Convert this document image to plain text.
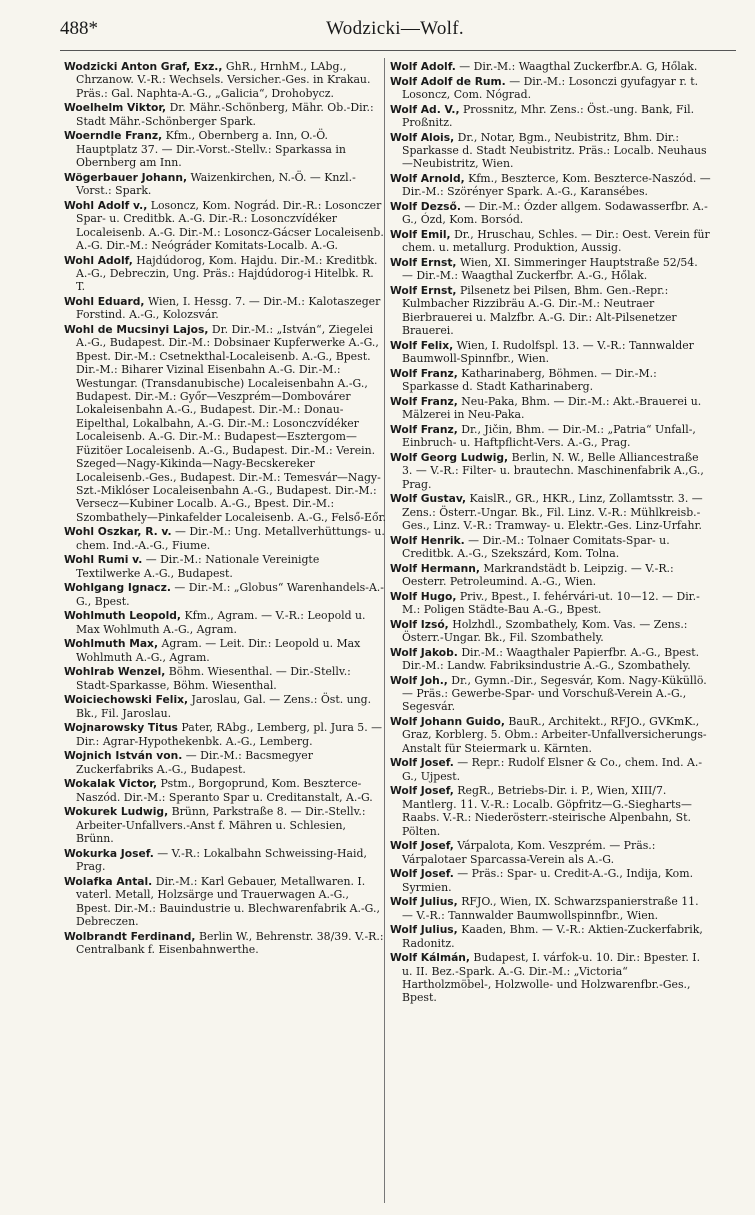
488*	Wodzicki—Wolf.
Wodzicki Anton Graf, Exz., GhR., HrnhM., LAbg., Chrzanow. V.-R.: Wechsels. Versicher.-Ges. in Krakau. Präs.: Gal. Naphta-A.-G., „Galicia“, Drohobycz.
Woelhelm Viktor, Dr. Mähr.-Schönberg, Mähr. Ob.-Dir.: Stadt Mähr.-Schönberger Spark.
Woerndle Franz, Kfm., Obernberg a. Inn, O.-Ö. Hauptplatz 37. — Dir.-Vorst.-Stellv.: Sparkassa in Obernberg am Inn.
Wögerbauer Johann, Waizenkirchen, N.-Ö. — Knzl.-Vorst.: Spark.
Wohl Adolf v., Losoncz, Kom. Nográd. Dir.-R.: Losonczer Spar- u. Creditbk. A.-G. Dir.-R.: Losonczvídéker Localeisenb. A.-G. Dir.-M.: Losoncz-Gácser Localeisenb. A.-G. Dir.-M.: Neógráder Komitats-Localb. A.-G.
Wohl Adolf, Hajdúdorog, Kom. Hajdu. Dir.-M.: Kreditbk. A.-G., Debreczin, Ung. Präs.: Hajdúdorog-i Hitelbk. R. T.
Wohl Eduard, Wien, I. Hessg. 7. — Dir.-M.: Kalotaszeger Forstind. A.-G., Kolozsvár.
Wohl de Mucsinyi Lajos, Dr. Dir.-M.: „István“, Ziegelei A.-G., Budapest. Dir.-M.: Dobsinaer Kupferwerke A.-G., Bpest. Dir.-M.: Csetnekthal-Localeisenb. A.-G., Bpest. Dir.-M.: Biharer Vizinal Eisenbahn A.-G. Dir.-M.: Westungar. (Transdanubische) Localeisenbahn A.-G., Budapest. Dir.-M.: Győr—Veszprém—Dombovárer Lokaleisenbahn A.-G., Budapest. Dir.-M.: Donau-Eipelthal, Lokalbahn, A.-G. Dir.-M.: Losonczvídéker Localeisenb. A.-G. Dir.-M.: Budapest—Esztergom—Füzitöer Localeisenb. A.-G., Budapest. Dir.-M.: Verein. Szeged—Nagy-Kikinda—Nagy-Becskereker Localeisenb.-Ges., Budapest. Dir.-M.: Temesvár—Nagy-Szt.-Miklóser Localeisenbahn A.-G., Budapest. Dir.-M.: Versecz—Kubiner Localb. A.-G., Bpest. Dir.-M.: Szombathely—Pinkafelder Localeisenb. A.-G., Felső-Eőr.
Wohl Oszkar, R. v. — Dir.-M.: Ung. Metallverhüttungs- u. chem. Ind.-A.-G., Fiume.
Wohl Rumi v. — Dir.-M.: Nationale Vereinigte Textilwerke A.-G., Budapest.
Wohlgang Ignacz. — Dir.-M.: „Globus“ Warenhandels-A.-G., Bpest.
Wohlmuth Leopold, Kfm., Agram. — V.-R.: Leopold u. Max Wohlmuth A.-G., Agram.
Wohlmuth Max, Agram. — Leit. Dir.: Leopold u. Max Wohlmuth A.-G., Agram.
Wohlrab Wenzel, Böhm. Wiesenthal. — Dir.-Stellv.: Stadt-Sparkasse, Böhm. Wiesenthal.
Woiciechowski Felix, Jaroslau, Gal. — Zens.: Öst. ung. Bk., Fil. Jaroslau.
Wojnarowsky Titus Pater, RAbg., Lemberg, pl. Jura 5. — Dir.: Agrar-Hypothekenbk. A.-G., Lemberg.
Wojnich István von. — Dir.-M.: Bacsmegyer Zuckerfabriks A.-G., Budapest.
Wokalak Victor, Pstm., Borgoprund, Kom. Beszterce-Naszód. Dir.-M.: Speranto Spar u. Creditanstalt, A.-G.
Wokurek Ludwig, Brünn, Parkstraße 8. — Dir.-Stellv.: Arbeiter-Unfallvers.-Anst f. Mähren u. Schlesien, Brünn.
Wokurka Josef. — V.-R.: Lokalbahn Schweissing-Haid, Prag.
Wolafka Antal. Dir.-M.: Karl Gebauer, Metallwaren. I. vaterl. Metall, Holzsärge und Trauerwagen A.-G., Bpest. Dir.-M.: Bauindustrie u. Blechwarenfabrik A.-G., Debreczen.
Wolbrandt Ferdinand, Berlin W., Behrenstr. 38/39. V.-R.: Centralbank f. Eisenbahnwerthe.
Wolf Adolf. — Dir.-M.: Waagthal Zuckerfbr.A. G, Hőlak.
Wolf Adolf de Rum. — Dir.-M.: Losonczi gyufagyar r. t. Losoncz, Com. Nógrad.
Wolf Ad. V., Prossnitz, Mhr. Zens.: Öst.-ung. Bank, Fil. Proßnitz.
Wolf Alois, Dr., Notar, Bgm., Neubistritz, Bhm. Dir.: Sparkasse d. Stadt Neubistritz. Präs.: Localb. Neuhaus—Neubistritz, Wien.
Wolf Arnold, Kfm., Beszterce, Kom. Beszterce-Naszód. — Dir.-M.: Szörényer Spark. A.-G., Karansébes.
Wolf Dezső. — Dir.-M.: Ózder allgem. Sodawasserfbr. A.-G., Ózd, Kom. Borsód.
Wolf Emil, Dr., Hruschau, Schles. — Dir.: Oest. Verein für chem. u. metallurg. Produktion, Aussig.
Wolf Ernst, Wien, XI. Simmeringer Hauptstraße 52/54. — Dir.-M.: Waagthal Zuckerfbr. A.-G., Hőlak.
Wolf Ernst, Pilsenetz bei Pilsen, Bhm. Gen.-Repr.: Kulmbacher Rizzibräu A.-G. Dir.-M.: Neutraer Bierbrauerei u. Malzfbr. A.-G. Dir.: Alt-Pilsenetzer Brauerei.
Wolf Felix, Wien, I. Rudolfspl. 13. — V.-R.: Tannwalder Baumwoll-Spinnfbr., Wien.
Wolf Franz, Katharinaberg, Böhmen. — Dir.-M.: Sparkasse d. Stadt Katharinaberg.
Wolf Franz, Neu-Paka, Bhm. — Dir.-M.: Akt.-Brauerei u. Mälzerei in Neu-Paka.
Wolf Franz, Dr., Jičin, Bhm. — Dir.-M.: „Patria“ Unfall-, Einbruch- u. Haftpflicht-Vers. A.-G., Prag.
Wolf Georg Ludwig, Berlin, N. W., Belle Alliancestraße 3. — V.-R.: Filter- u. brautechn. Maschinenfabrik A.,G., Prag.
Wolf Gustav, KaislR., GR., HKR., Linz, Zollamtsstr. 3. — Zens.: Österr.-Ungar. Bk., Fil. Linz. V.-R.: Mühlkreisb.-Ges., Linz. V.-R.: Tramway- u. Elektr.-Ges. Linz-Urfahr.
Wolf Henrik. — Dir.-M.: Tolnaer Comitats-Spar- u. Creditbk. A.-G., Szekszárd, Kom. Tolna.
Wolf Hermann, Markrandstädt b. Leipzig. — V.-R.: Oesterr. Petroleumind. A.-G., Wien.
Wolf Hugo, Priv., Bpest., I. fehérvári-ut. 10—12. — Dir.-M.: Poligen Städte-Bau A.-G., Bpest.
Wolf Izsó, Holzhdl., Szombathely, Kom. Vas. — Zens.: Österr.-Ungar. Bk., Fil. Szombathely.
Wolf Jakob. Dir.-M.: Waagthaler Papierfbr. A.-G., Bpest. Dir.-M.: Landw. Fabriksindustrie A.-G., Szombathely.
Wolf Joh., Dr., Gymn.-Dir., Segesvár, Kom. Nagy-Küküllö. — Präs.: Gewerbe-Spar- und Vorschuß-Verein A.-G., Segesvár.
Wolf Johann Guido, BauR., Architekt., RFJO., GVKmK., Graz, Korblerg. 5. Obm.: Arbeiter-Unfallversicherungs-Anstalt für Steiermark u. Kärnten.
Wolf Josef. — Repr.: Rudolf Elsner & Co., chem. Ind. A.-G., Ujpest.
Wolf Josef, RegR., Betriebs-Dir. i. P., Wien, XIII/7. Mantlerg. 11. V.-R.: Localb. Göpfritz—G.-Siegharts—Raabs. V.-R.: Niederösterr.-steirische Alpenbahn, St. Pölten.
Wolf Josef, Várpalota, Kom. Veszprém. — Präs.: Várpalotaer Sparcassa-Verein als A.-G.
Wolf Josef. — Präs.: Spar- u. Credit-A.-G., Indija, Kom. Syrmien.
Wolf Julius, RFJO., Wien, IX. Schwarzspanierstraße 11. — V.-R.: Tannwalder Baumwollspinnfbr., Wien.
Wolf Julius, Kaaden, Bhm. — V.-R.: Aktien-Zuckerfabrik, Radonitz.
Wolf Kálmán, Budapest, I. várfok-u. 10. Dir.: Bpester. I. u. II. Bez.-Spark. A.-G. Dir.-M.: „Victoria“ Hartholzmöbel-, Holzwolle- und Holzwarenfbr.-Ges., Bpest.
